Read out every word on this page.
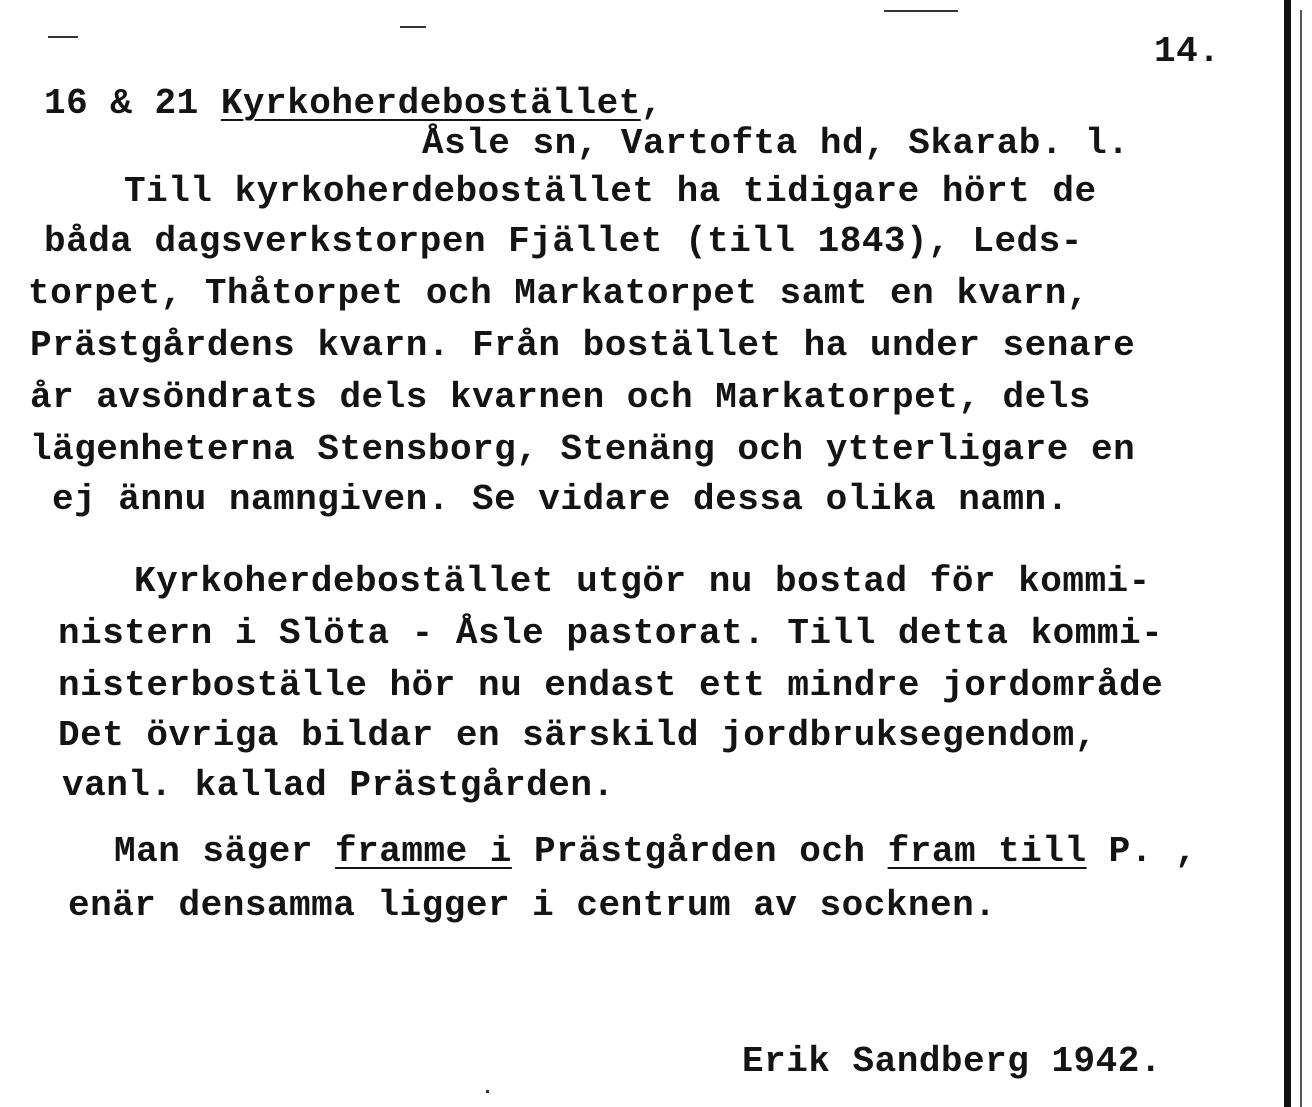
14.
16 & 21 Kyrkoherdebostället,
Åsle sn, Vartofta hd, Skarab. l.
Till kyrkoherdebostället ha tidigare hört de
båda dagsverkstorpen Fjället (till 1843), Leds-
torpet, Thåtorpet och Markatorpet samt en kvarn,
Prästgårdens kvarn. Från bostället ha under senare
år avsöndrats dels kvarnen och Markatorpet, dels
lägenheterna Stensborg, Stenäng och ytterligare en
ej ännu namngiven. Se vidare dessa olika namn.
Kyrkoherdebostället utgör nu bostad för kommi-
nistern i Slöta - Åsle pastorat. Till detta kommi-
nisterboställe hör nu endast ett mindre jordområde
Det övriga bildar en särskild jordbruksegendom,
vanl. kallad Prästgården.
Man säger framme i Prästgården och fram till P. ,
enär densamma ligger i centrum av socknen.
Erik Sandberg 1942.
